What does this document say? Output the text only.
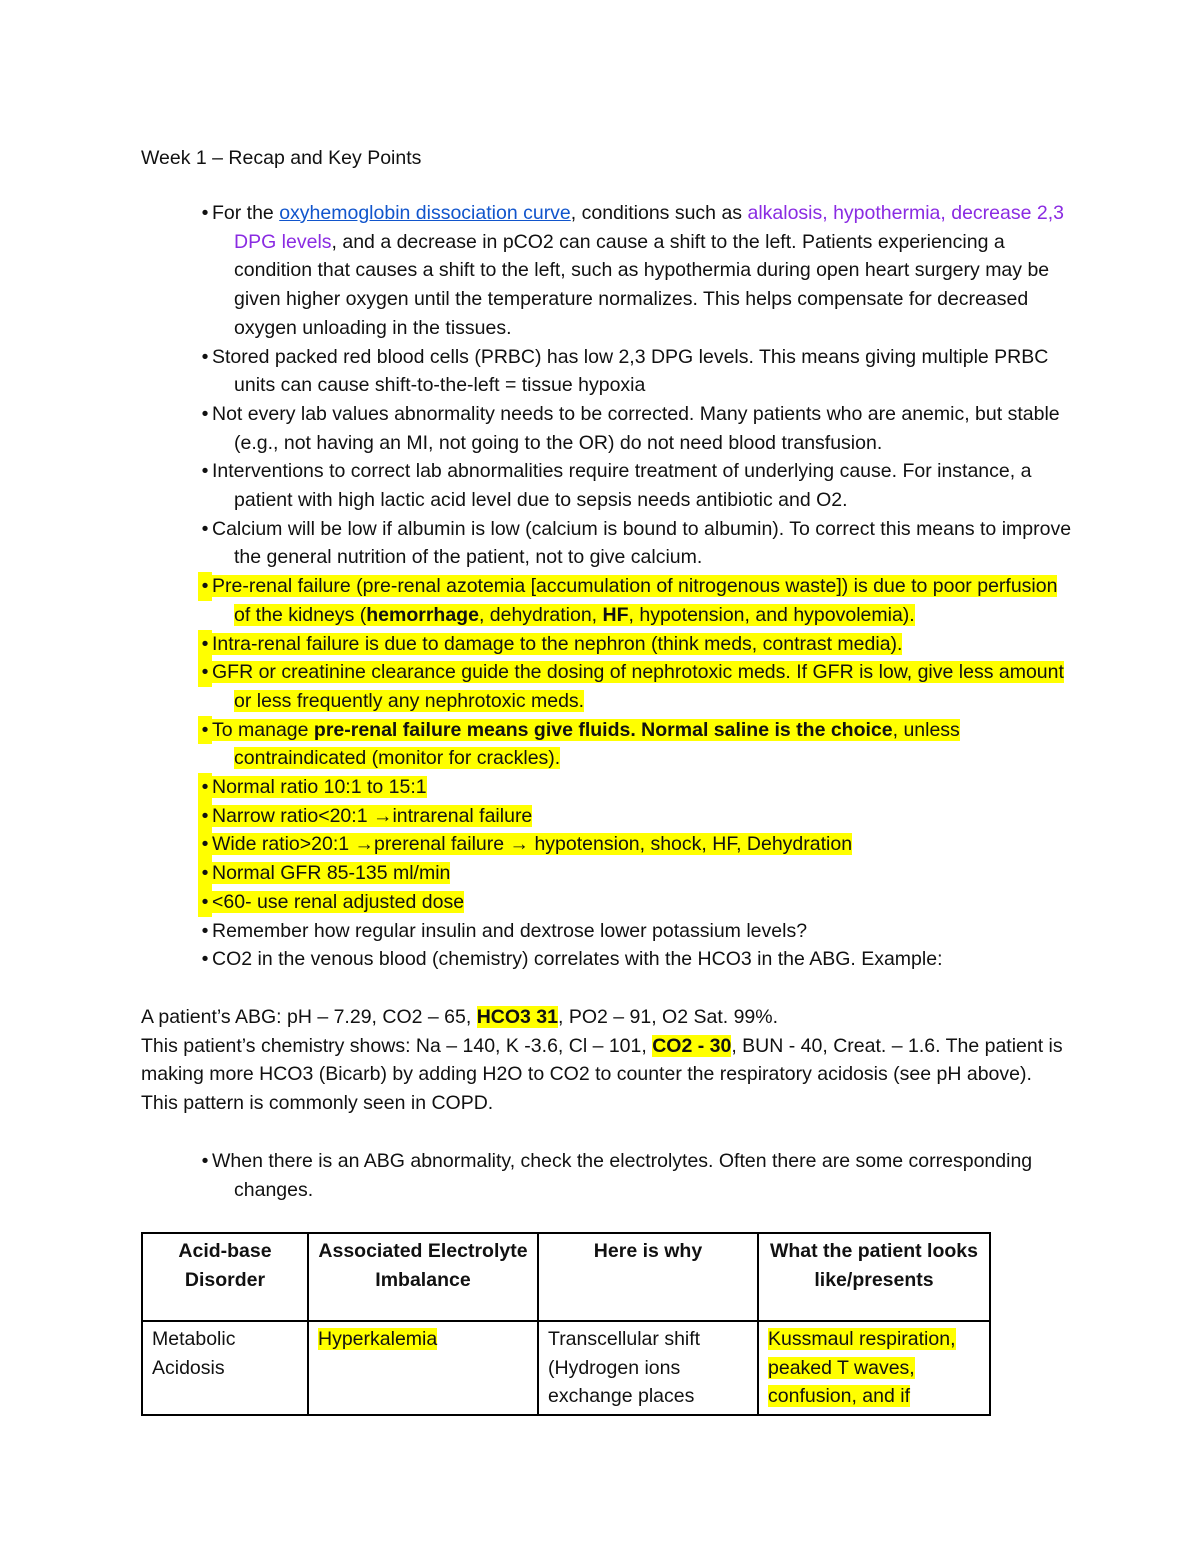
Week 1 – Recap and Key Points
• For the oxyhemoglobin dissociation curve, conditions such as alkalosis, hypothermia, decrease 2,3 DPG levels, and a decrease in pCO2 can cause a shift to the left. Patients experiencing a condition that causes a shift to the left, such as hypothermia during open heart surgery may be given higher oxygen until the temperature normalizes. This helps compensate for decreased oxygen unloading in the tissues.
• Stored packed red blood cells (PRBC) has low 2,3 DPG levels. This means giving multiple PRBC units can cause shift-to-the-left = tissue hypoxia
• Not every lab values abnormality needs to be corrected. Many patients who are anemic, but stable (e.g., not having an MI, not going to the OR) do not need blood transfusion.
• Interventions to correct lab abnormalities require treatment of underlying cause. For instance, a patient with high lactic acid level due to sepsis needs antibiotic and O2.
• Calcium will be low if albumin is low (calcium is bound to albumin). To correct this means to improve the general nutrition of the patient, not to give calcium.
• Pre-renal failure (pre-renal azotemia [accumulation of nitrogenous waste]) is due to poor perfusion of the kidneys (hemorrhage, dehydration, HF, hypotension, and hypovolemia).
• Intra-renal failure is due to damage to the nephron (think meds, contrast media).
• GFR or creatinine clearance guide the dosing of nephrotoxic meds. If GFR is low, give less amount or less frequently any nephrotoxic meds.
• To manage pre-renal failure means give fluids. Normal saline is the choice, unless contraindicated (monitor for crackles).
• Normal ratio 10:1 to 15:1
• Narrow ratio<20:1 →intrarenal failure
• Wide ratio>20:1 →prerenal failure → hypotension, shock, HF, Dehydration
• Normal GFR 85-135 ml/min
• <60- use renal adjusted dose
• Remember how regular insulin and dextrose lower potassium levels?
• CO2 in the venous blood (chemistry) correlates with the HCO3 in the ABG. Example:
A patient’s ABG: pH – 7.29, CO2 – 65, HCO3 31, PO2 – 91, O2 Sat. 99%.
This patient’s chemistry shows: Na – 140, K -3.6, Cl – 101, CO2 - 30, BUN - 40, Creat. – 1.6. The patient is making more HCO3 (Bicarb) by adding H2O to CO2 to counter the respiratory acidosis (see pH above). This pattern is commonly seen in COPD.
• When there is an ABG abnormality, check the electrolytes. Often there are some corresponding changes.
Acid-base Disorder	Associated Electrolyte Imbalance	Here is why	What the patient looks like/presents
Metabolic Acidosis	Hyperkalemia	Transcellular shift (Hydrogen ions exchange places	Kussmaul respiration, peaked T waves, confusion, and if
